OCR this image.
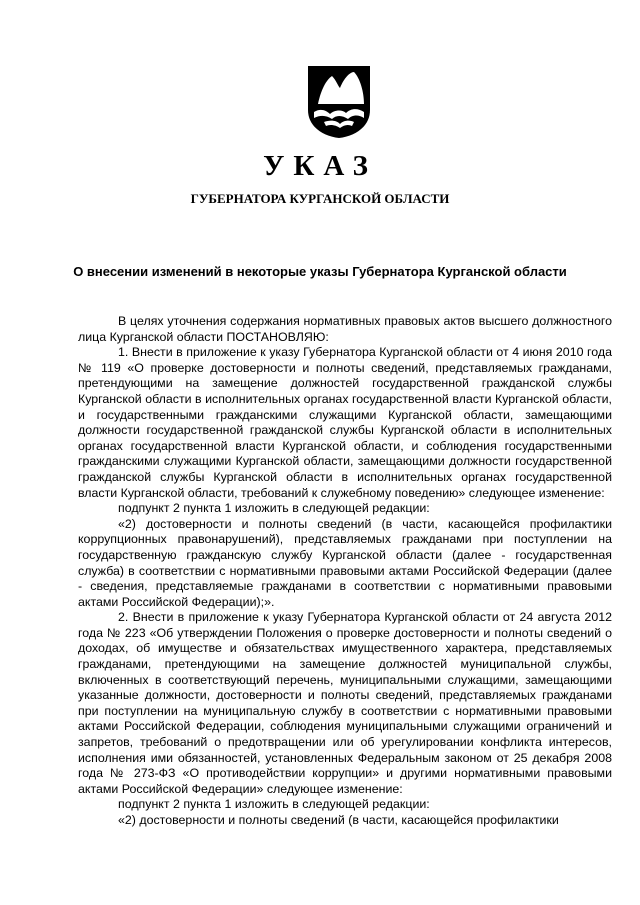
УКАЗ
ГУБЕРНАТОРА КУРГАНСКОЙ ОБЛАСТИ
О внесении изменений в некоторые указы Губернатора Курганской области

В целях уточнения содержания нормативных правовых актов высшего должностного лица Курганской области ПОСТАНОВЛЯЮ:

1. Внести в приложение к указу Губернатора Курганской области от 4 июня 2010 года № 119 «О проверке достоверности и полноты сведений, представляемых гражданами, претендующими на замещение должностей государственной гражданской службы Курганской области в исполнительных органах государственной власти Курганской области, и государственными гражданскими служащими Курганской области, замещающими должности государственной гражданской службы Курганской области в исполнительных органах государственной власти Курганской области, и соблюдения государственными гражданскими служащими Курганской области, замещающими должности государственной гражданской службы Курганской области в исполнительных органах государственной власти Курганской области, требований к служебному поведению» следующее изменение:

подпункт 2 пункта 1 изложить в следующей редакции:

«2) достоверности и полноты сведений (в части, касающейся профилактики коррупционных правонарушений), представляемых гражданами при поступлении на государственную гражданскую службу Курганской области (далее - государственная служба) в соответствии с нормативными правовыми актами Российской Федерации (далее - сведения, представляемые гражданами в соответствии с нормативными правовыми актами Российской Федерации);».

2. Внести в приложение к указу Губернатора Курганской области от 24 августа 2012 года № 223 «Об утверждении Положения о проверке достоверности и полноты сведений о доходах, об имуществе и обязательствах имущественного характера, представляемых гражданами, претендующими на замещение должностей муниципальной службы, включенных в соответствующий перечень, муниципальными служащими, замещающими указанные должности, достоверности и полноты сведений, представляемых гражданами при поступлении на муниципальную службу в соответствии с нормативными правовыми актами Российской Федерации, соблюдения муниципальными служащими ограничений и запретов, требований о предотвращении или об урегулировании конфликта интересов, исполнения ими обязанностей, установленных Федеральным законом от 25 декабря 2008 года № 273-ФЗ «О противодействии коррупции» и другими нормативными правовыми актами Российской Федерации» следующее изменение:

подпункт 2 пункта 1 изложить в следующей редакции:

«2) достоверности и полноты сведений (в части, касающейся профилактики
